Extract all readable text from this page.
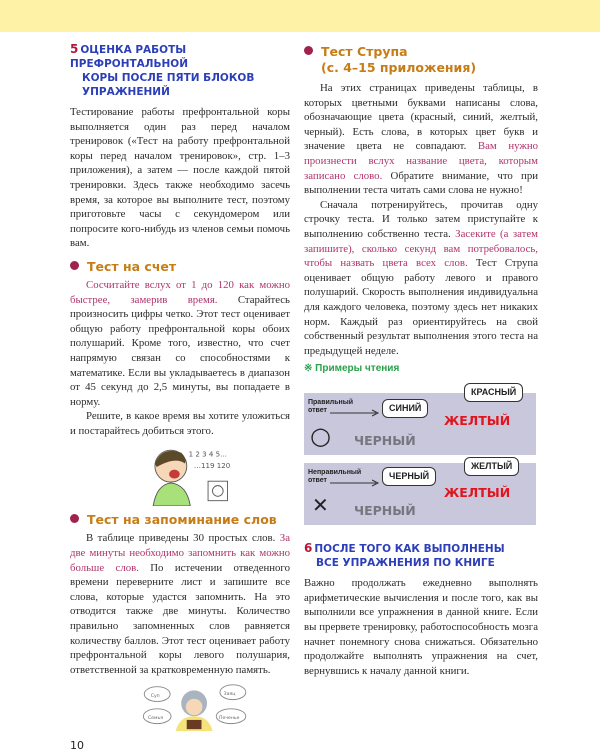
5 ОЦЕНКА РАБОТЫ ПРЕФРОНТАЛЬНОЙ
КОРЫ ПОСЛЕ ПЯТИ БЛОКОВ УПРАЖНЕНИЙ

Тестирование работы префронтальной коры выполняется один раз перед началом тренировок («Тест на работу префронтальной коры перед началом тренировок», стр. 1–3 приложения), а затем — после каждой пятой тренировки. Здесь также необходимо засечь время, за которое вы выполните тест, поэтому приготовьте часы с секундомером или попросите кого-нибудь из членов семьи помочь вам.

Тест на счет

Сосчитайте вслух от 1 до 120 как можно быстрее, замерив время. Старайтесь произносить цифры четко. Этот тест оценивает общую работу префронтальной коры обоих полушарий. Кроме того, известно, что счет напрямую связан со способностями к математике. Если вы укладываетесь в диапазон от 45 секунд до 2,5 минуты, вы попадаете в норму.

Решите, в какое время вы хотите уложиться и постарайтесь добиться этого.

1 2 3 4 5...
…119 120
Тест на запоминание слов

В таблице приведены 30 простых слов. За две минуты необходимо запомнить как можно больше слов. По истечении отведенного времени переверните лист и запишите все слова, которые удастся запомнить. На это отводится также две минуты. Количество правильно запомненных слов равняется количеству баллов. Этот тест оценивает работу префронтальной коры левого полушария, ответственной за кратковременную память.

Суп	Заяц
Семья	Печенье
10
Тест Струпа
(с. 4–15 приложения)

На этих страницах приведены таблицы, в которых цветными буквами написаны слова, обозначающие цвета (красный, синий, желтый, черный). Есть слова, в которых цвет букв и значение цвета не совпадают. Вам нужно произнести вслух название цвета, которым записано слово. Обратите внимание, что при выполнении теста читать сами слова не нужно!

Сначала потренируйтесь, прочитав одну строчку теста. И только затем приступайте к выполнению собственно теста. Засеките (а затем запишите), сколько секунд вам потребовалось, чтобы назвать цвета всех слов. Тест Струпа оценивает общую работу левого и правого полушарий. Скорость выполнения индивидуальна для каждого человека, поэтому здесь нет никаких норм. Каждый раз ориентируйтесь на свой собственный результат выполнения этого теста на предыдущей неделе.

※ Примеры чтения
Правильный
ответ	СИНИЙ
○ ЧЕРНЫЙ
КРАСНЫЙ
ЖЕЛТЫЙ
Неправильный
ответ	ЧЕРНЫЙ
✕ ЧЕРНЫЙ
ЖЕЛТЫЙ
ЖЕЛТЫЙ
6 ПОСЛЕ ТОГО КАК ВЫПОЛНЕНЫ
ВСЕ УПРАЖНЕНИЯ ПО КНИГЕ

Важно продолжать ежедневно выполнять арифметические вычисления и после того, как вы выполнили все упражнения в данной книге. Если вы прервете тренировку, работоспособность мозга начнет понемногу снова снижаться. Обязательно продолжайте выполнять упражнения на счет, вернувшись к началу данной книги.
